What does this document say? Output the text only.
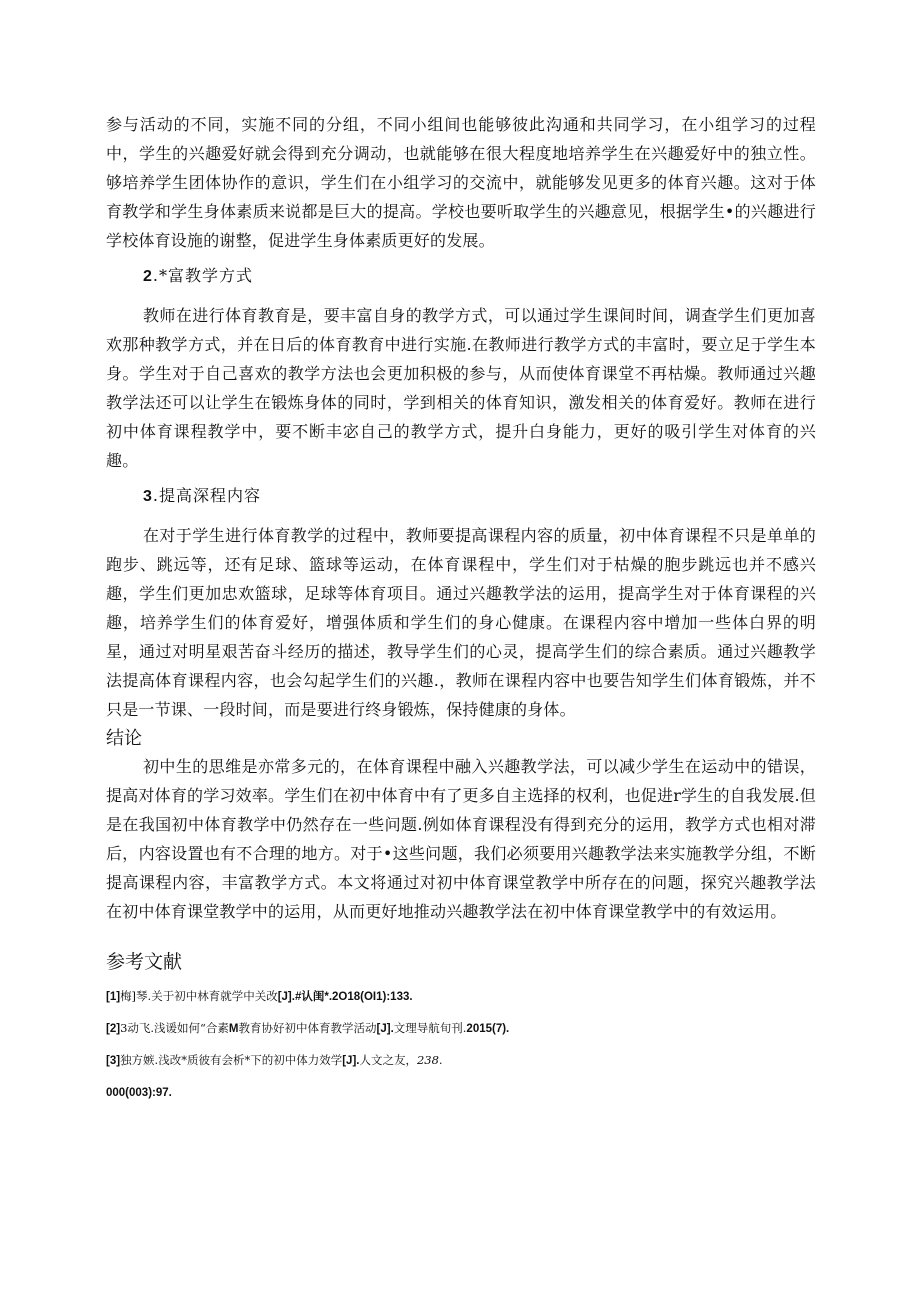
参与活动的不同，实施不同的分组，不同小组间也能够彼此沟通和共同学习，在小组学习的过程中，学生的兴趣爱好就会得到充分调动，也就能够在很大程度地培养学生在兴趣爱好中的独立性。够培养学生团体协作的意识，学生们在小组学习的交流中，就能够发见更多的体育兴趣。这对于体育教学和学生身体素质来说都是巨大的提高。学校也要听取学生的兴趣意见，根据学生•的兴趣进行学校体育设施的谢整，促进学生身体素质更好的发展。

2.*富教学方式

教师在进行体育教育是，要丰富自身的教学方式，可以通过学生课间时间，调查学生们更加喜欢那种教学方式，并在日后的体育教育中进行实施.在教师进行教学方式的丰富时，要立足于学生本身。学生对于自己喜欢的教学方法也会更加积极的参与，从而使体育课堂不再枯燥。教师通过兴趣教学法还可以让学生在锻炼身体的同时，学到相关的体育知识，激发相关的体育爱好。教师在进行初中体育课程教学中，要不断丰宓自己的教学方式，提升白身能力，更好的吸引学生对体育的兴趣。

3.提高深程内容

在对于学生进行体育教学的过程中，教师要提高课程内容的质量，初中体育课程不只是单单的跑步、跳远等，还有足球、篮球等运动，在体育课程中，学生们对于枯燥的胞步跳远也并不感兴趣，学生们更加忠欢篮球，足球等体育项目。通过兴趣教学法的运用，提高学生对于体育课程的兴趣，培养学生们的体育爱好，增强体质和学生们的身心健康。在课程内容中增加一些体白界的明星，通过对明星艰苦奋斗经历的描述，教导学生们的心灵，提高学生们的综合素质。通过兴趣教学法提高体育课程内容，也会勾起学生们的兴趣.，教师在课程内容中也要告知学生们体育锻炼，并不只是一节课、一段时间，而是要进行终身锻炼，保持健康的身体。

结论

初中生的思维是亦常多元的，在体育课程中融入兴趣教学法，可以减少学生在运动中的错误，提高对体育的学习效率。学生们在初中体育中有了更多自主选择的权利，也促进r学生的自我发展.但是在我国初中体育教学中仍然存在一些问题.例如体育课程没有得到充分的运用，教学方式也相对滞后，内容设置也有不合理的地方。对于•这些问题，我们必须要用兴趣教学法来实施教学分组，不断提高课程内容，丰富教学方式。本文将通过对初中体育课堂教学中所存在的问题，探究兴趣教学法在初中体育课堂教学中的运用，从而更好地推动兴趣教学法在初中体育课堂教学中的有效运用。

参考文献
[1]梅]琴.关于初中林育就学中关改[J].#认闺*.2O18(OI1):133.
[2]3动飞.浅谖如何“合素M教育协好初中体育教学活动[J].文理导航旬刊.2015(7).
[3]独方嫉.浅改*质彼有会析*下的初中体力效学[J].人文之友，238.
000(003):97.
